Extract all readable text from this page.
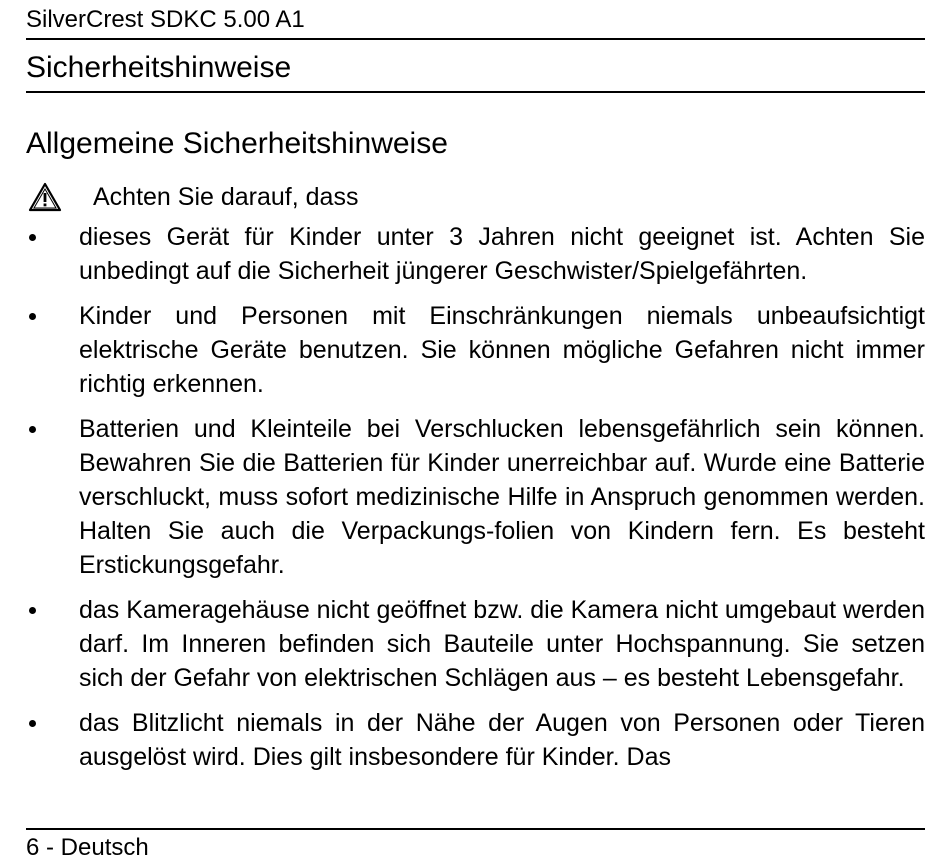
SilverCrest SDKC 5.00 A1
Sicherheitshinweise
Allgemeine Sicherheitshinweise
Achten Sie darauf, dass
dieses Gerät für Kinder unter 3 Jahren nicht geeignet ist. Achten Sie unbedingt auf die Sicherheit jüngerer Geschwister/Spielgefährten.
Kinder und Personen mit Einschränkungen niemals unbeaufsichtigt elektrische Geräte benutzen. Sie können mögliche Gefahren nicht immer richtig erkennen.
Batterien und Kleinteile bei Verschlucken lebensgefährlich sein können. Bewahren Sie die Batterien für Kinder unerreichbar auf. Wurde eine Batterie verschluckt, muss sofort medizinische Hilfe in Anspruch genommen werden. Halten Sie auch die Verpackungs-folien von Kindern fern. Es besteht Erstickungsgefahr.
das Kameragehäuse nicht geöffnet bzw. die Kamera nicht umgebaut werden darf. Im Inneren befinden sich Bauteile unter Hochspannung. Sie setzen sich der Gefahr von elektrischen Schlägen aus – es besteht Lebensgefahr.
das Blitzlicht niemals in der Nähe der Augen von Personen oder Tieren ausgelöst wird. Dies gilt insbesondere für Kinder. Das
6 - Deutsch
